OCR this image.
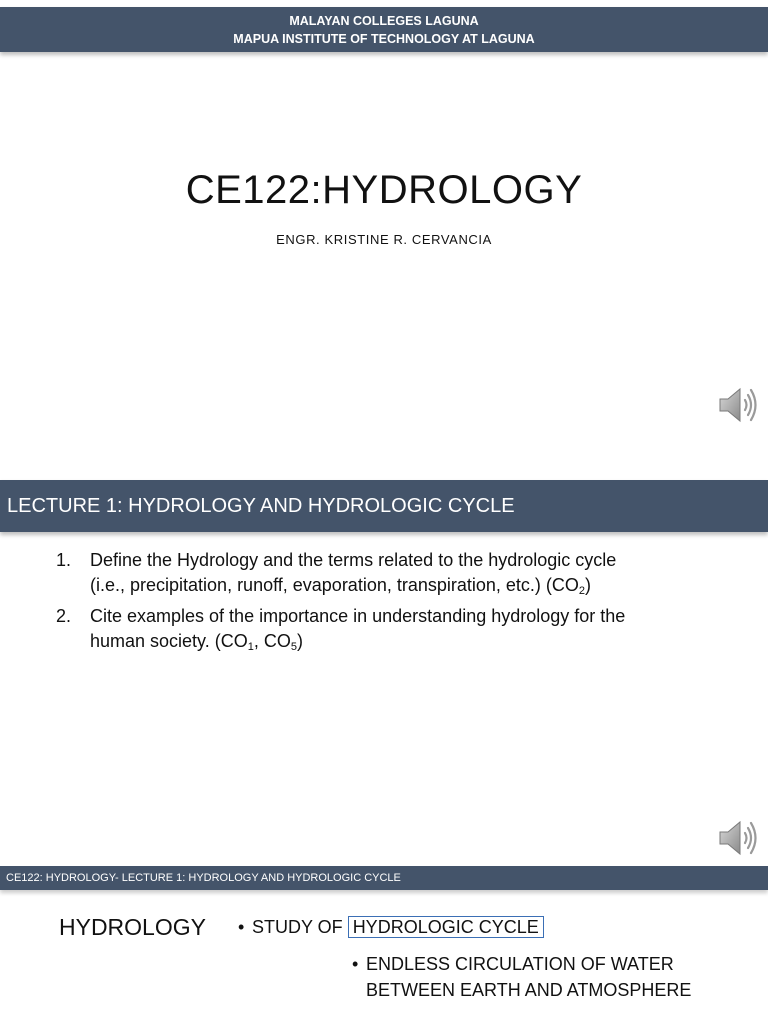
MALAYAN COLLEGES LAGUNA
MAPUA INSTITUTE OF TECHNOLOGY AT LAGUNA
CE122:HYDROLOGY
ENGR. KRISTINE R. CERVANCIA
LECTURE 1: HYDROLOGY AND HYDROLOGIC CYCLE
1. Define the Hydrology and the terms related to the hydrologic cycle
(i.e., precipitation, runoff, evaporation, transpiration, etc.) $(CO_2)$
2. Cite examples of the importance in understanding hydrology for the
human society. ($CO_1$, $CO_5$)
CE122: HYDROLOGY- LECTURE 1: HYDROLOGY AND HYDROLOGIC CYCLE
HYDROLOGY • STUDY OF HYDROLOGIC CYCLE
• ENDLESS CIRCULATION OF WATER
BETWEEN EARTH AND ATMOSPHERE
